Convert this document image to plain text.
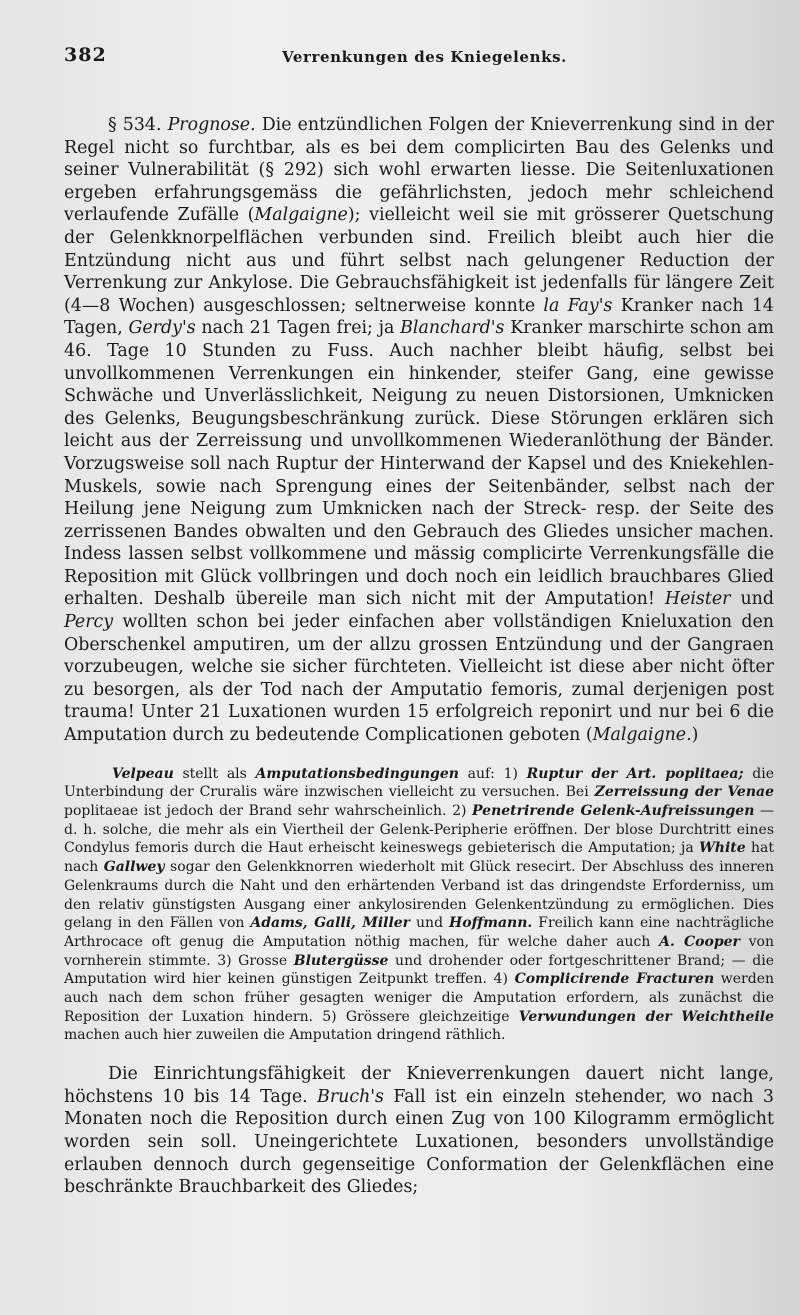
382	Verrenkungen des Kniegelenks.

§ 534. Prognose. Die entzündlichen Folgen der Knieverrenkung sind in der Regel nicht so furchtbar, als es bei dem complicirten Bau des Gelenks und seiner Vulnerabilität (§ 292) sich wohl erwarten liesse. Die Seitenluxationen ergeben erfahrungsgemäss die gefährlichsten, jedoch mehr schleichend verlaufende Zufälle (Malgaigne); vielleicht weil sie mit grösserer Quetschung der Gelenkknorpelflächen verbunden sind. Freilich bleibt auch hier die Entzündung nicht aus und führt selbst nach gelungener Reduction der Verrenkung zur Ankylose. Die Gebrauchsfähigkeit ist jedenfalls für längere Zeit (4—8 Wochen) ausgeschlossen; seltnerweise konnte la Fay's Kranker nach 14 Tagen, Gerdy's nach 21 Tagen frei; ja Blanchard's Kranker marschirte schon am 46. Tage 10 Stunden zu Fuss. Auch nachher bleibt häufig, selbst bei unvollkommenen Verrenkungen ein hinkender, steifer Gang, eine gewisse Schwäche und Unverlässlichkeit, Neigung zu neuen Distorsionen, Umknicken des Gelenks, Beugungsbeschränkung zurück. Diese Störungen erklären sich leicht aus der Zerreissung und unvollkommenen Wiederanlöthung der Bänder. Vorzugsweise soll nach Ruptur der Hinterwand der Kapsel und des Kniekehlen-Muskels, sowie nach Sprengung eines der Seitenbänder, selbst nach der Heilung jene Neigung zum Umknicken nach der Streck- resp. der Seite des zerrissenen Bandes obwalten und den Gebrauch des Gliedes unsicher machen. Indess lassen selbst vollkommene und mässig complicirte Verrenkungsfälle die Reposition mit Glück vollbringen und doch noch ein leidlich brauchbares Glied erhalten. Deshalb übereile man sich nicht mit der Amputation! Heister und Percy wollten schon bei jeder einfachen aber vollständigen Knieluxation den Oberschenkel amputiren, um der allzu grossen Entzündung und der Gangraen vorzubeugen, welche sie sicher fürchteten. Vielleicht ist diese aber nicht öfter zu besorgen, als der Tod nach der Amputatio femoris, zumal derjenigen post trauma! Unter 21 Luxationen wurden 15 erfolgreich reponirt und nur bei 6 die Amputation durch zu bedeutende Complicationen geboten (Malgaigne.)

Velpeau stellt als Amputationsbedingungen auf: 1) Ruptur der Art. poplitaea; die Unterbindung der Cruralis wäre inzwischen vielleicht zu versuchen. Bei Zerreissung der Venae poplitaeae ist jedoch der Brand sehr wahrscheinlich. 2) Penetrirende Gelenk-Aufreissungen — d. h. solche, die mehr als ein Viertheil der Gelenk-Peripherie eröffnen. Der blose Durchtritt eines Condylus femoris durch die Haut erheischt keineswegs gebieterisch die Amputation; ja White hat nach Gallwey sogar den Gelenkknorren wiederholt mit Glück resecirt. Der Abschluss des inneren Gelenkraums durch die Naht und den erhärtenden Verband ist das dringendste Erforderniss, um den relativ günstigsten Ausgang einer ankylosirenden Gelenkentzündung zu ermöglichen. Dies gelang in den Fällen von Adams, Galli, Miller und Hoffmann. Freilich kann eine nachträgliche Arthrocace oft genug die Amputation nöthig machen, für welche daher auch A. Cooper von vornherein stimmte. 3) Grosse Blutergüsse und drohender oder fortgeschrittener Brand; — die Amputation wird hier keinen günstigen Zeitpunkt treffen. 4) Complicirende Fracturen werden auch nach dem schon früher gesagten weniger die Amputation erfordern, als zunächst die Reposition der Luxation hindern. 5) Grössere gleichzeitige Verwundungen der Weichtheile machen auch hier zuweilen die Amputation dringend räthlich.

Die Einrichtungsfähigkeit der Knieverrenkungen dauert nicht lange, höchstens 10 bis 14 Tage. Bruch's Fall ist ein einzeln stehender, wo nach 3 Monaten noch die Reposition durch einen Zug von 100 Kilogramm ermöglicht worden sein soll. Uneingerichtete Luxationen, besonders unvollständige erlauben dennoch durch gegenseitige Conformation der Gelenkflächen eine beschränkte Brauchbarkeit des Gliedes;
